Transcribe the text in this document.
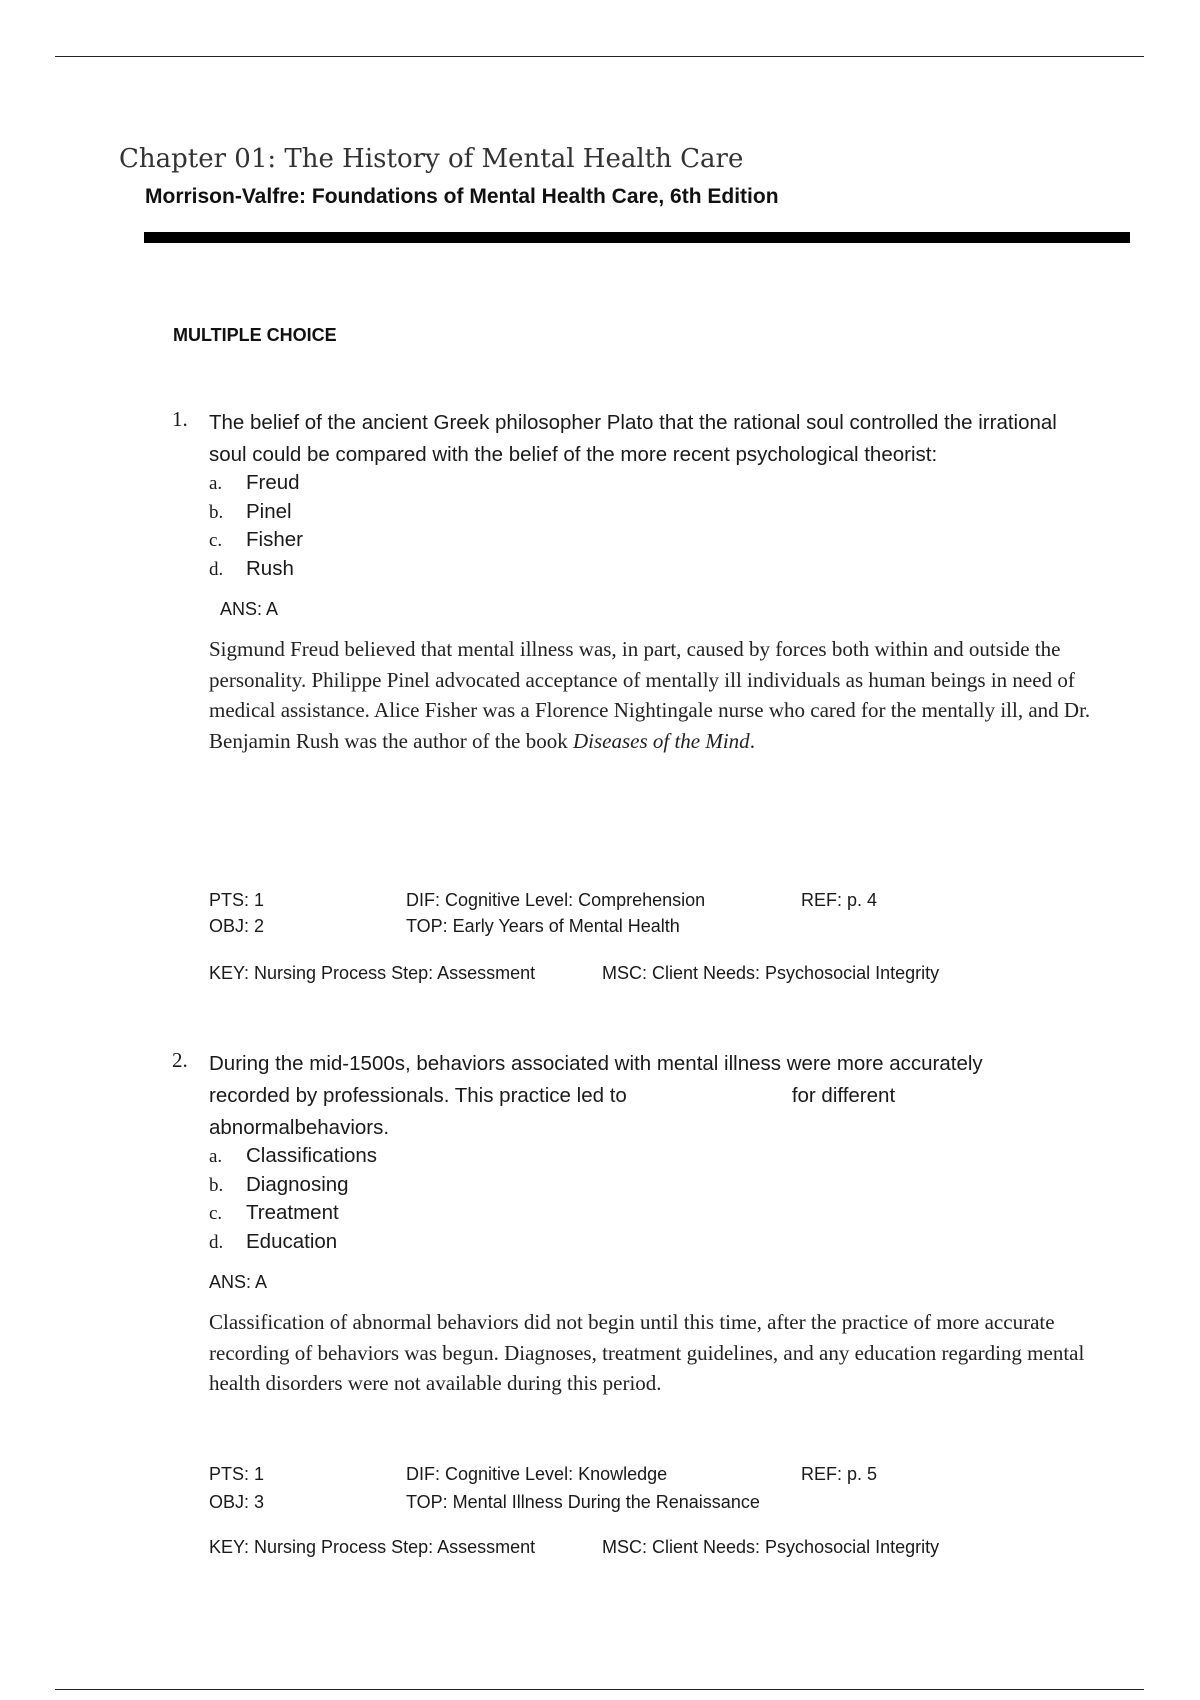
Chapter 01: The History of Mental Health Care
Morrison-Valfre: Foundations of Mental Health Care, 6th Edition
MULTIPLE CHOICE
1. The belief of the ancient Greek philosopher Plato that the rational soul controlled the irrational soul could be compared with the belief of the more recent psychological theorist:
a.	Freud
b.	Pinel
c.	Fisher
d.	Rush
ANS: A
Sigmund Freud believed that mental illness was, in part, caused by forces both within and outside the personality. Philippe Pinel advocated acceptance of mentally ill individuals as human beings in need of medical assistance. Alice Fisher was a Florence Nightingale nurse who cared for the mentally ill, and Dr. Benjamin Rush was the author of the book Diseases of the Mind.
PTS: 1	DIF: Cognitive Level: Comprehension	REF: p. 4
OBJ: 2	TOP: Early Years of Mental Health
KEY: Nursing Process Step: Assessment	MSC: Client Needs: Psychosocial Integrity
2. During the mid-1500s, behaviors associated with mental illness were more accurately recorded by professionals. This practice led to	for different abnormalbehaviors.
a.	Classifications
b.	Diagnosing
c.	Treatment
d.	Education
ANS: A
Classification of abnormal behaviors did not begin until this time, after the practice of more accurate recording of behaviors was begun. Diagnoses, treatment guidelines, and any education regarding mental health disorders were not available during this period.
PTS: 1	DIF: Cognitive Level: Knowledge	REF: p. 5
OBJ: 3	TOP: Mental Illness During the Renaissance
KEY: Nursing Process Step: Assessment	MSC: Client Needs: Psychosocial Integrity
